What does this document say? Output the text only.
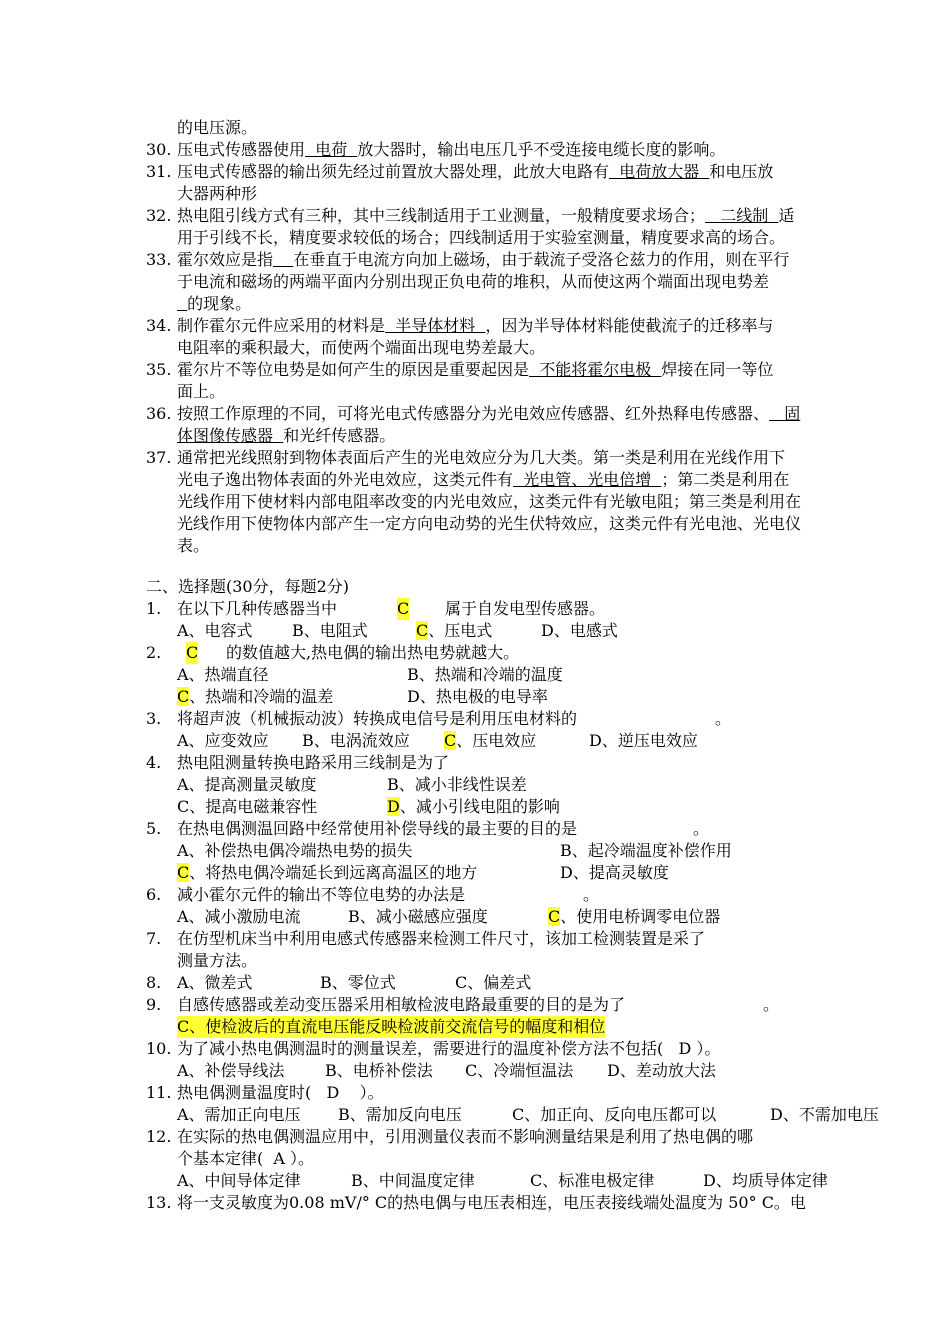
的电压源。
30. 压电式传感器使用  电荷  放大器时，输出电压几乎不受连接电缆长度的影响。
31. 压电式传感器的输出须先经过前置放大器处理，此放大电路有  电荷放大器  和电压放
大器两种形
32. 热电阻引线方式有三种，其中三线制适用于工业测量，一般精度要求场合；   二线制  适
用于引线不长，精度要求较低的场合；四线制适用于实验室测量，精度要求高的场合。
33. 霍尔效应是指 在垂直于电流方向加上磁场，由于载流子受洛仑兹力的作用，则在平行
于电流和磁场的两端平面内分别出现正负电荷的堆积，从而使这两个端面出现电势差
的现象。
34. 制作霍尔元件应采用的材料是  半导体材料  ，因为半导体材料能使截流子的迁移率与
电阻率的乘积最大，而使两个端面出现电势差最大。
35. 霍尔片不等位电势是如何产生的原因是重要起因是  不能将霍尔电极  焊接在同一等位
面上。
36. 按照工作原理的不同，可将光电式传感器分为光电效应传感器、红外热释电传感器、   固
体图像传感器  和光纤传感器。
37. 通常把光线照射到物体表面后产生的光电效应分为几大类。第一类是利用在光线作用下
光电子逸出物体表面的外光电效应，这类元件有  光电管、光电倍增  ；第二类是利用在
光线作用下使材料内部电阻率改变的内光电效应，这类元件有光敏电阻；第三类是利用在
光线作用下使物体内部产生一定方向电动势的光生伏特效应，这类元件有光电池、光电仪
表。
二、选择题(30分，每题2分)
1. 在以下几种传感器当中	C 属于自发电型传感器。
A、电容式 B、电阻式	C、压电式	D、电感式
2. C 的数值越大,热电偶的输出热电势就越大。
A、热端直径	B、热端和冷端的温度
C、热端和冷端的温差	D、热电极的电导率
3. 将超声波（机械振动波）转换成电信号是利用压电材料的	。
A、应变效应 B、电涡流效应 C、压电效应	D、逆压电效应
4. 热电阻测量转换电路采用三线制是为了
A、提高测量灵敏度	B、减小非线性误差
C、提高电磁兼容性	D、减小引线电阻的影响
5. 在热电偶测温回路中经常使用补偿导线的最主要的目的是	。
A、补偿热电偶冷端热电势的损失	B、起冷端温度补偿作用
C、将热电偶冷端延长到远离高温区的地方	D、提高灵敏度
6. 减小霍尔元件的输出不等位电势的办法是	。
A、减小激励电流	B、减小磁感应强度	C、使用电桥调零电位器
7. 在仿型机床当中利用电感式传感器来检测工件尺寸，该加工检测装置是采了
测量方法。
8. A、微差式	B、零位式	C、偏差式
9. 自感传感器或差动变压器采用相敏检波电路最重要的目的是为了	。
C、使检波后的直流电压能反映检波前交流信号的幅度和相位
10. 为了减小热电偶测温时的测量误差，需要进行的温度补偿方法不包括(   D ）。
A、补偿导线法	B、电桥补偿法 C、冷端恒温法 D、差动放大法
11. 热电偶测量温度时(   D    ）。
A、需加正向电压 B、需加反向电压	C、加正向、反向电压都可以	D、不需加电压
12. 在实际的热电偶测温应用中，引用测量仪表而不影响测量结果是利用了热电偶的哪
个基本定律(  A ）。
A、中间导体定律	B、中间温度定律	C、标准电极定律	D、均质导体定律
13. 将一支灵敏度为0.08 mV/° C的热电偶与电压表相连，电压表接线端处温度为 50° C。电
